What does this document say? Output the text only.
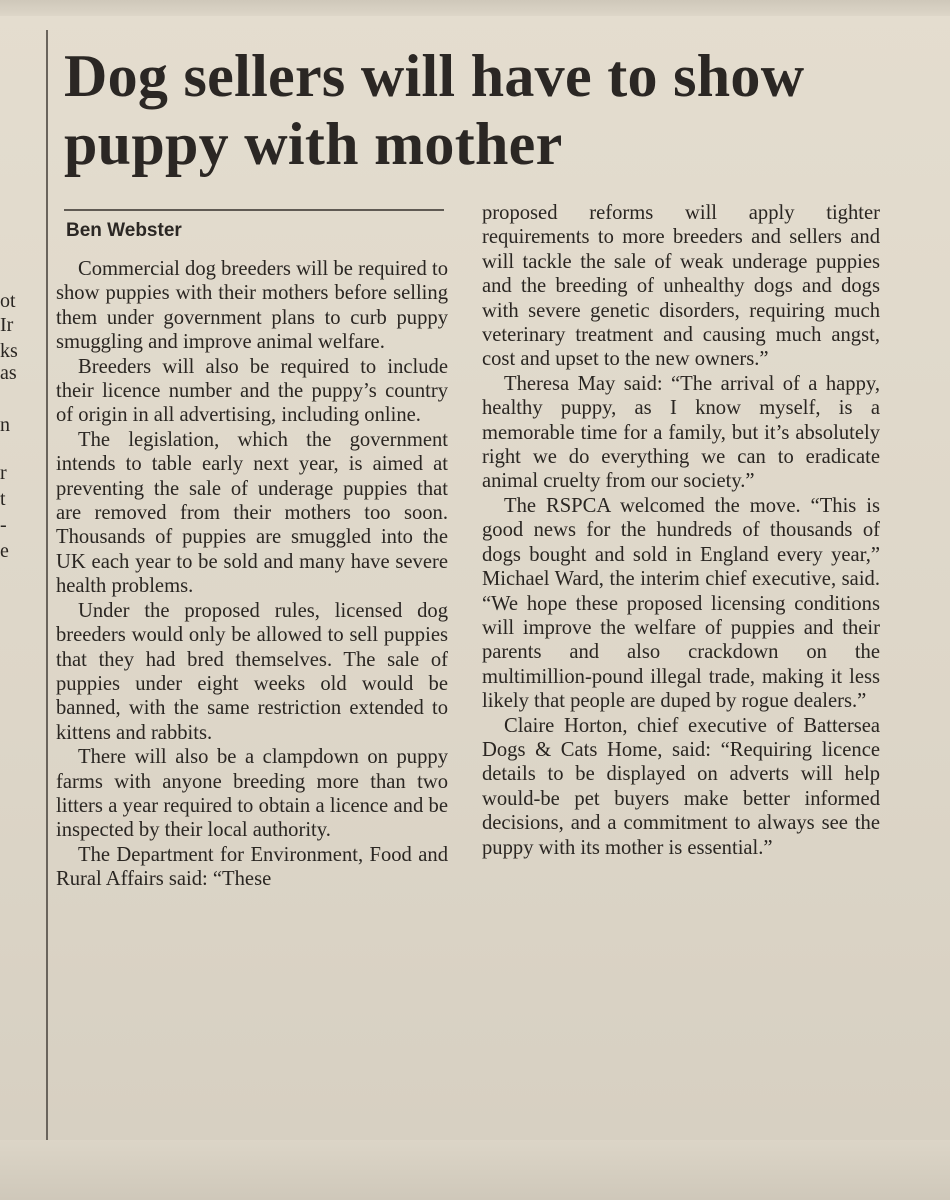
ot
Ir
ks
as
n
r
t
-
e
Dog sellers will have to show puppy with mother
Ben Webster

Commercial dog breeders will be required to show puppies with their mothers before selling them under government plans to curb puppy smuggling and improve animal welfare.

Breeders will also be required to include their licence number and the puppy’s country of origin in all advertising, including online.

The legislation, which the government intends to table early next year, is aimed at preventing the sale of underage puppies that are removed from their mothers too soon. Thousands of puppies are smuggled into the UK each year to be sold and many have severe health problems.

Under the proposed rules, licensed dog breeders would only be allowed to sell puppies that they had bred themselves. The sale of puppies under eight weeks old would be banned, with the same restriction extended to kittens and rabbits.

There will also be a clampdown on puppy farms with anyone breeding more than two litters a year required to obtain a licence and be inspected by their local authority.

The Department for Environment, Food and Rural Affairs said: “These

proposed reforms will apply tighter requirements to more breeders and sellers and will tackle the sale of weak underage puppies and the breeding of unhealthy dogs and dogs with severe genetic disorders, requiring much veterinary treatment and causing much angst, cost and upset to the new owners.”

Theresa May said: “The arrival of a happy, healthy puppy, as I know myself, is a memorable time for a family, but it’s absolutely right we do everything we can to eradicate animal cruelty from our society.”

The RSPCA welcomed the move. “This is good news for the hundreds of thousands of dogs bought and sold in England every year,” Michael Ward, the interim chief executive, said. “We hope these proposed licensing conditions will improve the welfare of puppies and their parents and also crackdown on the multimillion-pound illegal trade, making it less likely that people are duped by rogue dealers.”

Claire Horton, chief executive of Battersea Dogs & Cats Home, said: “Requiring licence details to be displayed on adverts will help would-be pet buyers make better informed decisions, and a commitment to always see the puppy with its mother is essential.”
